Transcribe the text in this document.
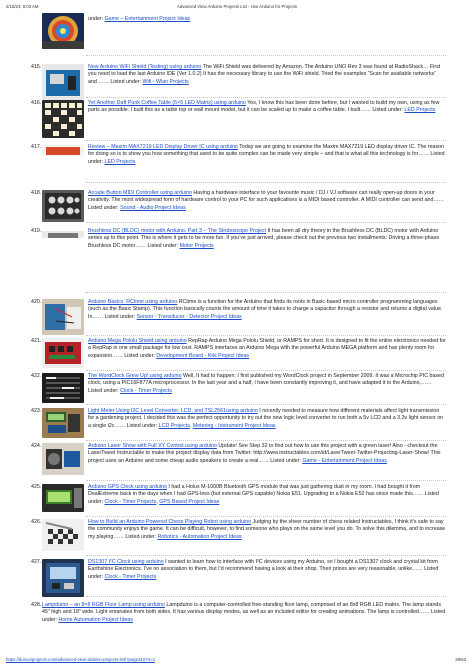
2/18/23, 9:03 AM	Advanced View Arduino Projects List - Use Arduino for Projects
under: Game – Entertainment Project Ideas
415.	New Arduino WiFi Shield (Testing) using arduino The WiFi Shield was delivered by Amazon. The Arduino UNO Rev 3 was found at RadioShack… First you need to load the last Arduino IDE (Ver 1.0.2) It has the necessary library to use the WiFi shield. Tried the examples “Scan for available networks” and …… Listed under: Wifi - Wlan Projects
416.	Yet Another Daft Punk Coffee Table (5×5 LED Matrix) using arduino Yes, I know this has been done before, but I wanted to build my own, using as few parts as possible. I built this as a table top or wall mount model, but it can be scaled up to make a coffee table. I built…… Listed under: LED Projects
417.	Review – Maxim MAX7219 LED Display Driver IC using arduino Today we are going to examine the Maxim MAX7219 LED display driver IC. The reason for doing so is to show you how something that used to be quite complex can be made very simple – and that is what all this technology is for…… Listed under: LED Projects
418.	Arcade Button MIDI Controller using arduino Having a hardware interface to your favourite music / DJ / VJ software can really open-up doors in your creativity. The most widespread form of hardware control to your PC for such applications is a MIDI based controller. A MIDI controller can send and…… Listed under: Sound - Audio Project Ideas
419.	Brushless DC (BLDC) motor with Arduino. Part 3 – The Stroboscope Project It has been all dry theory in the Brushless DC (BLDC) motor with Arduino series up to this point. This is where it gets to be more fun. If you’ve just arrived, please check out the previous two installments: Driving a three-phase Brushless DC motor…… Listed under: Motor Projects
420.	Arduino Basics: RCtime using arduino RCtime is a function for the Arduino that finds its roots in Basic-based micro controller programming languages (such as the Basic Stamp). This function basically counts the amount of time it takes to charge a capacitor through a resistor and returns a digital value. In…… Listed under: Sensor - Transducer - Detector Project Ideas
421.	Arduino Mega Pololu Shield using arduino RepRap Arduino Mega Pololu Shield, or RAMPS for short. It is designed to fit the entire electronics needed for a RepRap in one small package for low cost. RAMPS interfaces an Arduino Mega with the powerful Arduino MEGA platform and has plenty room for expansion…… Listed under: Development Board - Kits Project Ideas
422.	The WordClock Grew Up! using arduino Well, It had to happen. I first published my WordClock project in September 2009. It was a Microchip PIC based clock, using a PIC16F877A microprocessor. In the last year and a half, I have been constantly improving it, and have adapted it to the Arduino,…… Listed under: Clock - Timer Projects
423.	Light Meter Using I2C Level Converter, LCD, and TSL2561using arduino I recently needed to measure how different materials affect light transmission for a gardening project. I decided this was the perfect opportunity to try out the new logic level converter to run both a 5v LCD and a 3.3v light sensor on a single i2c…… Listed under: LCD Projects, Metering - Instrument Project Ideas
424.	Arduino Laser Show with Full XY Control using arduino Update! See Step 32 to find out how to use this project with a green laser! Also - checkout the LaserTweet Instructable to make this project display data from Twitter: http://www.instructables.com/id/LaserTweet-Twitter-Projecting-Laser-Show/ This project uses an Arduino and some cheap audio speakers to create a real…… Listed under: Game - Entertainment Project Ideas
425.	Arduino GPS Clock using arduino I had a Holux M-1000B Bluetooth GPS module that was just gathering dust in my room. I had bought it from DealExtreme back in the days when I had GPS-less (but external GPS capable) Nokia E51. Upgrading to a Nokia E52 has since made this…… Listed under: Clock - Timer Projects, GPS Based Project Ideas
426.	How to Build an Arduino Powered Chess Playing Robot using arduino Judging by the sheer number of chess related Instructables, I think it’s safe to say the community enjoys the game. It can be difficult, however, to find someone who plays on the same level you do. To solve this dilemma, and to increase my playing…… Listed under: Robotics - Automation Project Ideas
427.	DS1307 I²C Clock using arduino I wanted to learn how to interface with I²C devices using my Arduino, so I bought a DS1307 clock and crystal kit from Earthshine Electronics. I’ve no association to them, but I’d recommend having a look at their shop. Their prices are very reasonable, unlike…… Listed under: Clock - Timer Projects
428. Lampduino – an 8×8 RGB Floor Lamp using arduino Lampduino is a computer-controlled free-standing floor lamp, comprised of an 8x8 RGB LED matrix. The lamp stands 45″ high and 18″ wide. Light emanates from both sides. It has various display modes, as well as an included editor for creating animations. The lamp is controlled…… Listed under: Home Automation Project Ideas
https://duino4projects.com/advanced-view-arduino-projects-list/?page31074=4	29/63
